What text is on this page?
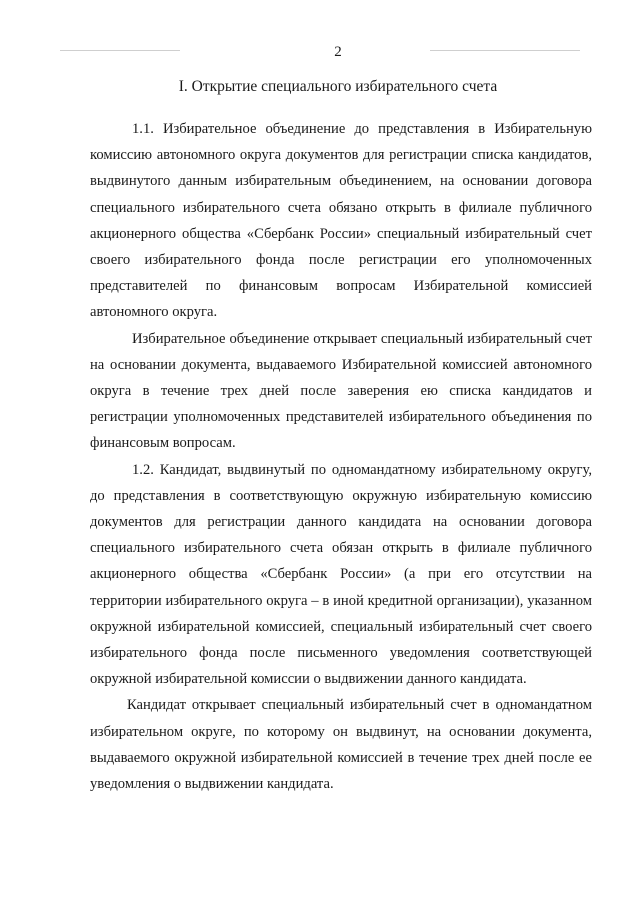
2
I. Открытие специального избирательного счета

1.1. Избирательное объединение до представления в Избирательную комиссию автономного округа документов для регистрации списка кандидатов, выдвинутого данным избирательным объединением, на основании договора специального избирательного счета обязано открыть в филиале публичного акционерного общества «Сбербанк России» специальный избирательный счет своего избирательного фонда после регистрации его уполномоченных представителей по финансовым вопросам Избирательной комиссией автономного округа.

Избирательное объединение открывает специальный избирательный счет на основании документа, выдаваемого Избирательной комиссией автономного округа в течение трех дней после заверения ею списка кандидатов и регистрации уполномоченных представителей избирательного объединения по финансовым вопросам.

1.2. Кандидат, выдвинутый по одномандатному избирательному округу, до представления в соответствующую окружную избирательную комиссию документов для регистрации данного кандидата на основании договора специального избирательного счета обязан открыть в филиале публичного акционерного общества «Сбербанк России» (а при его отсутствии на территории избирательного округа – в иной кредитной организации), указанном окружной избирательной комиссией, специальный избирательный счет своего избирательного фонда после письменного уведомления соответствующей окружной избирательной комиссии о выдвижении данного кандидата.

Кандидат открывает специальный избирательный счет в одномандатном избирательном округе, по которому он выдвинут, на основании документа, выдаваемого окружной избирательной комиссией в течение трех дней после ее уведомления о выдвижении кандидата.
